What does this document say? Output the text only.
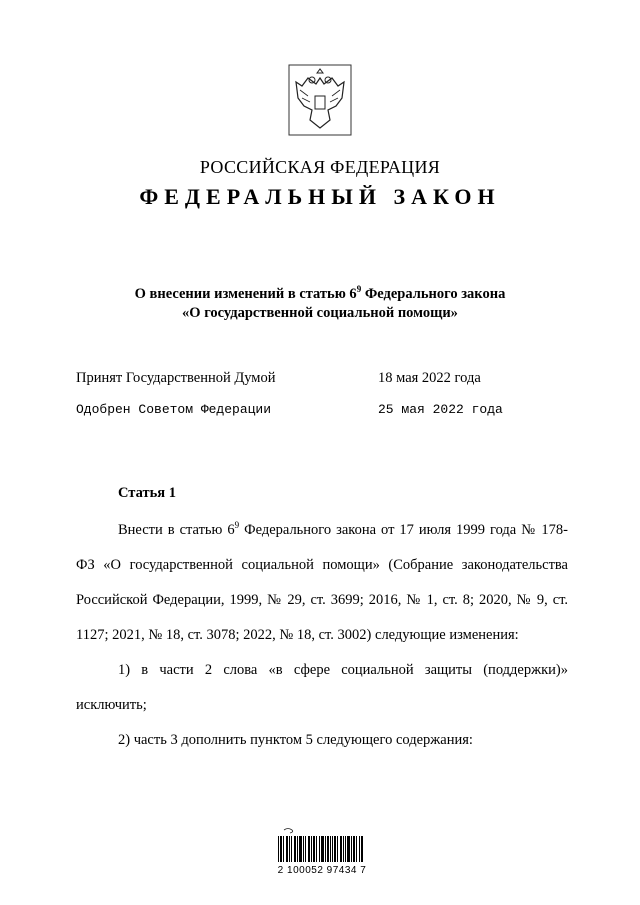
РОССИЙСКАЯ ФЕДЕРАЦИЯ
ФЕДЕРАЛЬНЫЙ ЗАКОН
О внесении изменений в статью $6^9$ Федерального закона
«О государственной социальной помощи»
Принят Государственной Думой	18 мая 2022 года
Одобрен Советом Федерации	25 мая 2022 года
Статья 1

Внести в статью $6^9$ Федерального закона от 17 июля 1999 года № 178-ФЗ «О государственной социальной помощи» (Собрание законодательства Российской Федерации, 1999, № 29, ст. 3699; 2016, № 1, ст. 8; 2020, № 9, ст. 1127; 2021, № 18, ст. 3078; 2022, № 18, ст. 3002) следующие изменения:

1) в части 2 слова «в сфере социальной защиты (поддержки)» исключить;

2) часть 3 дополнить пунктом 5 следующего содержания:

2 100052 97434 7
